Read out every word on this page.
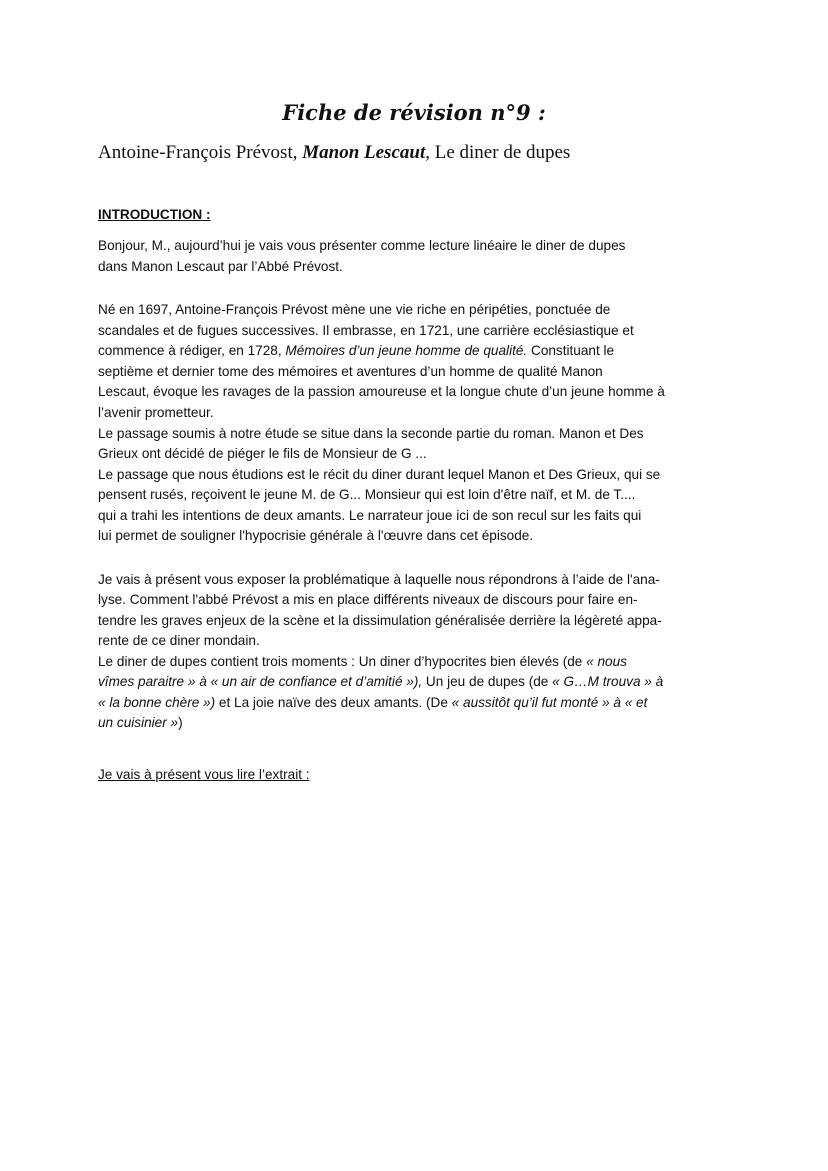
Fiche de révision n°9 :
Antoine-François Prévost, Manon Lescaut, Le diner de dupes
INTRODUCTION :
Bonjour, M., aujourd’hui je vais vous présenter comme lecture linéaire le diner de dupes
dans Manon Lescaut par l’Abbé Prévost.
Né en 1697, Antoine-François Prévost mène une vie riche en péripéties, ponctuée de
scandales et de fugues successives. Il embrasse, en 1721, une carrière ecclésiastique et
commence à rédiger, en 1728, Mémoires d’un jeune homme de qualité. Constituant le
septième et dernier tome des mémoires et aventures d’un homme de qualité Manon
Lescaut, évoque les ravages de la passion amoureuse et la longue chute d’un jeune homme à
l’avenir prometteur.
Le passage soumis à notre étude se situe dans la seconde partie du roman. Manon et Des
Grieux ont décidé de piéger le fils de Monsieur de G ...
Le passage que nous étudions est le récit du diner durant lequel Manon et Des Grieux, qui se
pensent rusés, reçoivent le jeune M. de G... Monsieur qui est loin d'être naïf, et M. de T....
qui a trahi les intentions de deux amants. Le narrateur joue ici de son recul sur les faits qui
lui permet de souligner l'hypocrisie générale à l'œuvre dans cet épisode.
Je vais à présent vous exposer la problématique à laquelle nous répondrons à l’aide de l'ana-
lyse. Comment l'abbé Prévost a mis en place différents niveaux de discours pour faire en-
tendre les graves enjeux de la scène et la dissimulation généralisée derrière la légèreté appa-
rente de ce diner mondain.
Le diner de dupes contient trois moments : Un diner d’hypocrites bien élevés (de « nous
vîmes paraitre » à « un air de confiance et d’amitié »), Un jeu de dupes (de « G…M trouva » à
« la bonne chère ») et La joie naïve des deux amants. (De « aussitôt qu’il fut monté » à « et
un cuisinier »)
Je vais à présent vous lire l’extrait :
